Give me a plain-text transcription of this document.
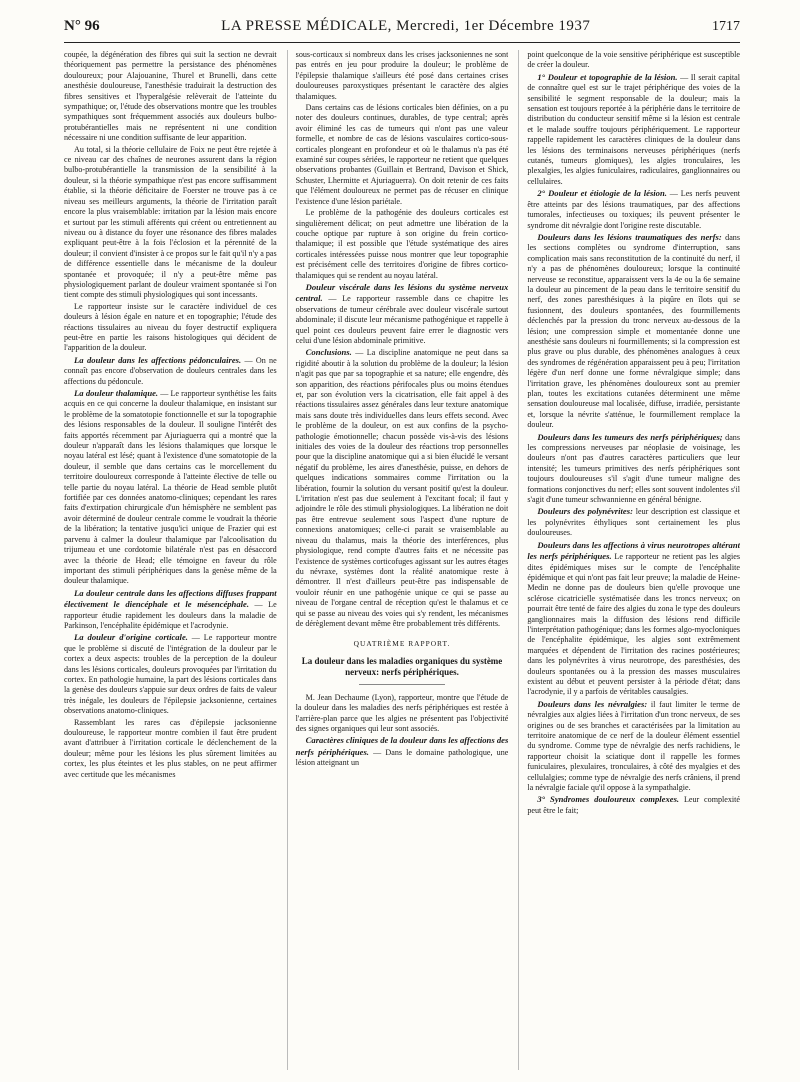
N° 96	LA PRESSE MÉDICALE, Mercredi, 1er Décembre 1937	1717

coupée, la dégénération des fibres qui suit la section ne devrait théoriquement pas permettre la persistance des phénomènes douloureux; pour Alajouanine, Thurel et Brunelli, dans cette anesthésie douloureuse, l'anesthésie traduirait la destruction des fibres sensitives et l'hyperalgésie relèverait de l'atteinte du sympathique; or, l'étude des observations montre que les troubles sympathiques sont fréquemment associés aux douleurs bulbo-protubérantielles mais ne représentent ni une condition nécessaire ni une condition suffisante de leur apparition.

Au total, si la théorie cellulaire de Foix ne peut être rejetée à ce niveau car des chaînes de neurones assurent dans la région bulbo-protubérantielle la transmission de la sensibilité à la douleur, si la théorie sympathique n'est pas encore suffisamment établie, si la théorie déficitaire de Foerster ne trouve pas à ce niveau ses meilleurs arguments, la théorie de l'irritation paraît encore la plus vraisemblable: irritation par la lésion mais encore et surtout par les stimuli afférents qui créent ou entretiennent au niveau ou à distance du foyer une résonance des fibres malades expliquant peut-être à la fois l'éclosion et la pérennité de la douleur; il convient d'insister à ce propos sur le fait qu'il n'y a pas de différence essentielle dans le mécanisme de la douleur spontanée et provoquée; il n'y a peut-être même pas physiologiquement parlant de douleur vraiment spontanée si l'on tient compte des stimuli physiologiques qui sont incessants.

Le rapporteur insiste sur le caractère individuel de ces douleurs à lésion égale en nature et en topographie; l'étude des réactions tissulaires au niveau du foyer destructif expliquera peut-être en partie les raisons histologiques qui décident de l'apparition de la douleur.

La douleur dans les affections pédonculaires. — On ne connaît pas encore d'observation de douleurs centrales dans les affections du pédoncule.

La douleur thalamique. — Le rapporteur synthétise les faits acquis en ce qui concerne la douleur thalamique, en insistant sur le problème de la somatotopie fonctionnelle et sur la topographie des lésions responsables de la douleur. Il souligne l'intérêt des faits apportés récemment par Ajuriaguerra qui a montré que la douleur n'apparaît dans les lésions thalamiques que lorsque le noyau latéral est lésé; quant à l'existence d'une somatotopie de la douleur, il semble que dans certains cas le morcellement du territoire douloureux corresponde à l'atteinte élective de telle ou telle partie du noyau latéral. La théorie de Head semble plutôt fortifiée par ces données anatomo-cliniques; cependant les rares faits d'extirpation chirurgicale d'un hémisphère ne semblent pas avoir déterminé de douleur centrale comme le voudrait la théorie de la libération; la tentative jusqu'ici unique de Frazier qui est parvenu à calmer la douleur thalamique par l'alcoolisation du trijumeau et une cordotomie bilatérale n'est pas en désaccord avec la théorie de Head; elle témoigne en faveur du rôle important des stimuli périphériques dans la genèse même de la douleur thalamique.

La douleur centrale dans les affections diffuses frappant électivement le diencéphale et le mésencéphale. — Le rapporteur étudie rapidement les douleurs dans la maladie de Parkinson, l'encéphalite épidémique et l'acrodynie.

La douleur d'origine corticale. — Le rapporteur montre que le problème si discuté de l'intégration de la douleur par le cortex a deux aspects: troubles de la perception de la douleur dans les lésions corticales, douleurs provoquées par l'irritation du cortex. En pathologie humaine, la part des lésions corticales dans la genèse des douleurs s'appuie sur deux ordres de faits de valeur très inégale, les douleurs de l'épilepsie jacksonienne, certaines observations anatomo-cliniques.

Rassemblant les rares cas d'épilepsie jacksonienne douloureuse, le rapporteur montre combien il faut être prudent avant d'attribuer à l'irritation corticale le déclenchement de la douleur; même pour les lésions les plus sûrement limitées au cortex, les plus éteintes et les plus stables, on ne peut affirmer avec certitude que les mécanismes

sous-corticaux si nombreux dans les crises jacksoniennes ne sont pas entrés en jeu pour produire la douleur; le problème de l'épilepsie thalamique s'ailleurs été posé dans certaines crises douloureuses paroxystiques présentant le caractère des algies thalamiques.

Dans certains cas de lésions corticales bien définies, on a pu noter des douleurs continues, durables, de type central; après avoir éliminé les cas de tumeurs qui n'ont pas une valeur formelle, et nombre de cas de lésions vasculaires cortico-sous-corticales plongeant en profondeur et où le thalamus n'a pas été examiné sur coupes sériées, le rapporteur ne retient que quelques observations probantes (Guillain et Bertrand, Davison et Shick, Schuster, Lhermitte et Ajuriaguerra). On doit retenir de ces faits que l'élément douloureux ne permet pas de récuser en clinique l'existence d'une lésion pariétale.

Le problème de la pathogénie des douleurs corticales est singulièrement délicat; on peut admettre une libération de la couche optique par rupture à son origine du frein cortico-thalamique; il est possible que l'étude systématique des aires corticales intéressées puisse nous montrer que leur topographie est précisément celle des territoires d'origine de fibres cortico-thalamiques qui se rendent au noyau latéral.

Douleur viscérale dans les lésions du système nerveux central. — Le rapporteur rassemble dans ce chapitre les observations de tumeur cérébrale avec douleur viscérale surtout abdominale; il discute leur mécanisme pathogénique et rappelle à quel point ces douleurs peuvent faire errer le diagnostic vers celui d'une lésion abdominale primitive.

Conclusions. — La discipline anatomique ne peut dans sa rigidité aboutir à la solution du problème de la douleur; la lésion n'agit pas que par sa topographie et sa nature; elle engendre, dès son apparition, des réactions périfocales plus ou moins étendues et, par son évolution vers la cicatrisation, elle fait appel à des réactions tissulaires assez générales dans leur texture anatomique mais sans doute très individuelles dans leurs effets second. Avec le problème de la douleur, on est aux confins de la psycho-pathologie émotionnelle; chacun possède vis-à-vis des lésions initiales des voies de la douleur des réactions trop personnelles pour que la discipline anatomique qui a si bien élucidé le versant négatif du problème, les aires d'anesthésie, puisse, en dehors de quelques indications sommaires comme l'irritation ou la libération, fournir la solution du versant positif qu'est la douleur. L'irritation n'est pas due seulement à l'excitant focal; il faut y adjoindre le rôle des stimuli physiologiques. La libération ne doit pas être entrevue seulement sous l'aspect d'une rupture de connexions anatomiques; celle-ci parait se vraisemblable au niveau du thalamus, mais la théorie des interférences, plus physiologique, rend compte d'autres faits et ne nécessite pas l'existence de systèmes corticofuges agissant sur les autres étages du névraxe, systèmes dont la réalité anatomique reste à démontrer. Il n'est d'ailleurs peut-être pas indispensable de vouloir réunir en une pathogénie unique ce qui se passe au niveau de l'organe central de réception qu'est le thalamus et ce qui se passe au niveau des voies qui s'y rendent, les mécanismes de dérèglement devant même être probablement très différents.

QUATRIÈME RAPPORT.
La douleur dans les maladies organiques du système nerveux: nerfs périphériques.

M. Jean Dechaume (Lyon), rapporteur, montre que l'étude de la douleur dans les maladies des nerfs périphériques est restée à l'arrière-plan parce que les algies ne présentent pas l'objectivité des signes organiques qui leur sont associés.

Caractères cliniques de la douleur dans les affections des nerfs périphériques. — Dans le domaine pathologique, une lésion atteignant un

point quelconque de la voie sensitive périphérique est susceptible de créer la douleur.

1° Douleur et topographie de la lésion. — Il serait capital de connaître quel est sur le trajet périphérique des voies de la sensibilité le segment responsable de la douleur; mais la sensation est toujours reportée à la périphérie dans le territoire de distribution du conducteur sensitif même si la lésion est centrale et le malade souffre toujours périphériquement. Le rapporteur rappelle rapidement les caractères cliniques de la douleur dans les lésions des terminaisons nerveuses périphériques (nerfs cutanés, tumeurs glomiques), les algies tronculaires, les plexalgies, les algies funiculaires, radiculaires, ganglionnaires ou cellulaires.

2° Douleur et étiologie de la lésion. — Les nerfs peuvent être atteints par des lésions traumatiques, par des affections tumorales, infectieuses ou toxiques; ils peuvent présenter le syndrome dit névralgie dont l'origine reste discutable.

Douleurs dans les lésions traumatiques des nerfs: dans les sections complètes ou syndrome d'interruption, sans complication mais sans reconstitution de la continuité du nerf, il n'y a pas de phénomènes douloureux; lorsque la continuité nerveuse se reconstitue, apparaissent vers la 4e ou la 6e semaine la douleur au pincement de la peau dans le territoire sensitif du nerf, des zones paresthésiques à la piqûre en îlots qui se fusionnent, des douleurs spontanées, des fourmillements déclenchés par la pression du tronc nerveux au-dessous de la lésion; une compression simple et momentanée donne une anesthésie sans douleurs ni fourmillements; si la compression est plus grave ou plus durable, des phénomènes analogues à ceux des syndromes de régénération apparaissent peu à peu; l'irritation légère d'un nerf donne une forme névralgique simple; dans l'irritation grave, les phénomènes douloureux sont au premier plan, toutes les excitations cutanées déterminent une même sensation douloureuse mal localisée, diffuse, irradiée, persistante et, lorsque la névrite s'atténue, le fourmillement remplace la douleur.

Douleurs dans les tumeurs des nerfs périphériques; dans les compressions nerveuses par néoplasie de voisinage, les douleurs n'ont pas d'autres caractères particuliers que leur intensité; les tumeurs primitives des nerfs périphériques sont toujours douloureuses s'il s'agit d'une tumeur maligne des formations conjonctives du nerf; elles sont souvent indolentes s'il s'agit d'une tumeur schwannienne en général bénigne.

Douleurs des polynévrites: leur description est classique et les polynévrites éthyliques sont certainement les plus douloureuses.

Douleurs dans les affections à virus neurotropes altérant les nerfs périphériques. Le rapporteur ne retient pas les algies dites épidémiques mises sur le compte de l'encéphalite épidémique et qui n'ont pas fait leur preuve; la maladie de Heine-Medin ne donne pas de douleurs bien qu'elle provoque une sclérose cicatricielle systématisée dans les troncs nerveux; on pourrait être tenté de faire des algies du zona le type des douleurs ganglionnaires mais la diffusion des lésions rend difficile l'interprétation pathogénique; dans les formes algo-myocloniques de l'encéphalite épidémique, les algies sont extrêmement marquées et dépendent de l'irritation des racines postérieures; dans les polynévrites à virus neurotrope, des paresthésies, des douleurs spontanées ou à la pression des masses musculaires existent au début et peuvent persister à la période d'état; dans l'acrodynie, il y a parfois de véritables causalgies.

Douleurs dans les névralgies: il faut limiter le terme de névralgies aux algies liées à l'irritation d'un tronc nerveux, de ses origines ou de ses branches et caractérisées par la limitation au territoire anatomique de ce nerf de la douleur élément essentiel du syndrome. Comme type de névralgie des nerfs rachidiens, le rapporteur choisit la sciatique dont il rappelle les formes funiculaires, plexulaires, tronculaires, à côté des myalgies et des cellulalgies; comme type de névralgie des nerfs crâniens, il prend la névralgie faciale qu'il oppose à la sympathalgie.

3° Syndromes douloureux complexes. Leur complexité peut être le fait;
